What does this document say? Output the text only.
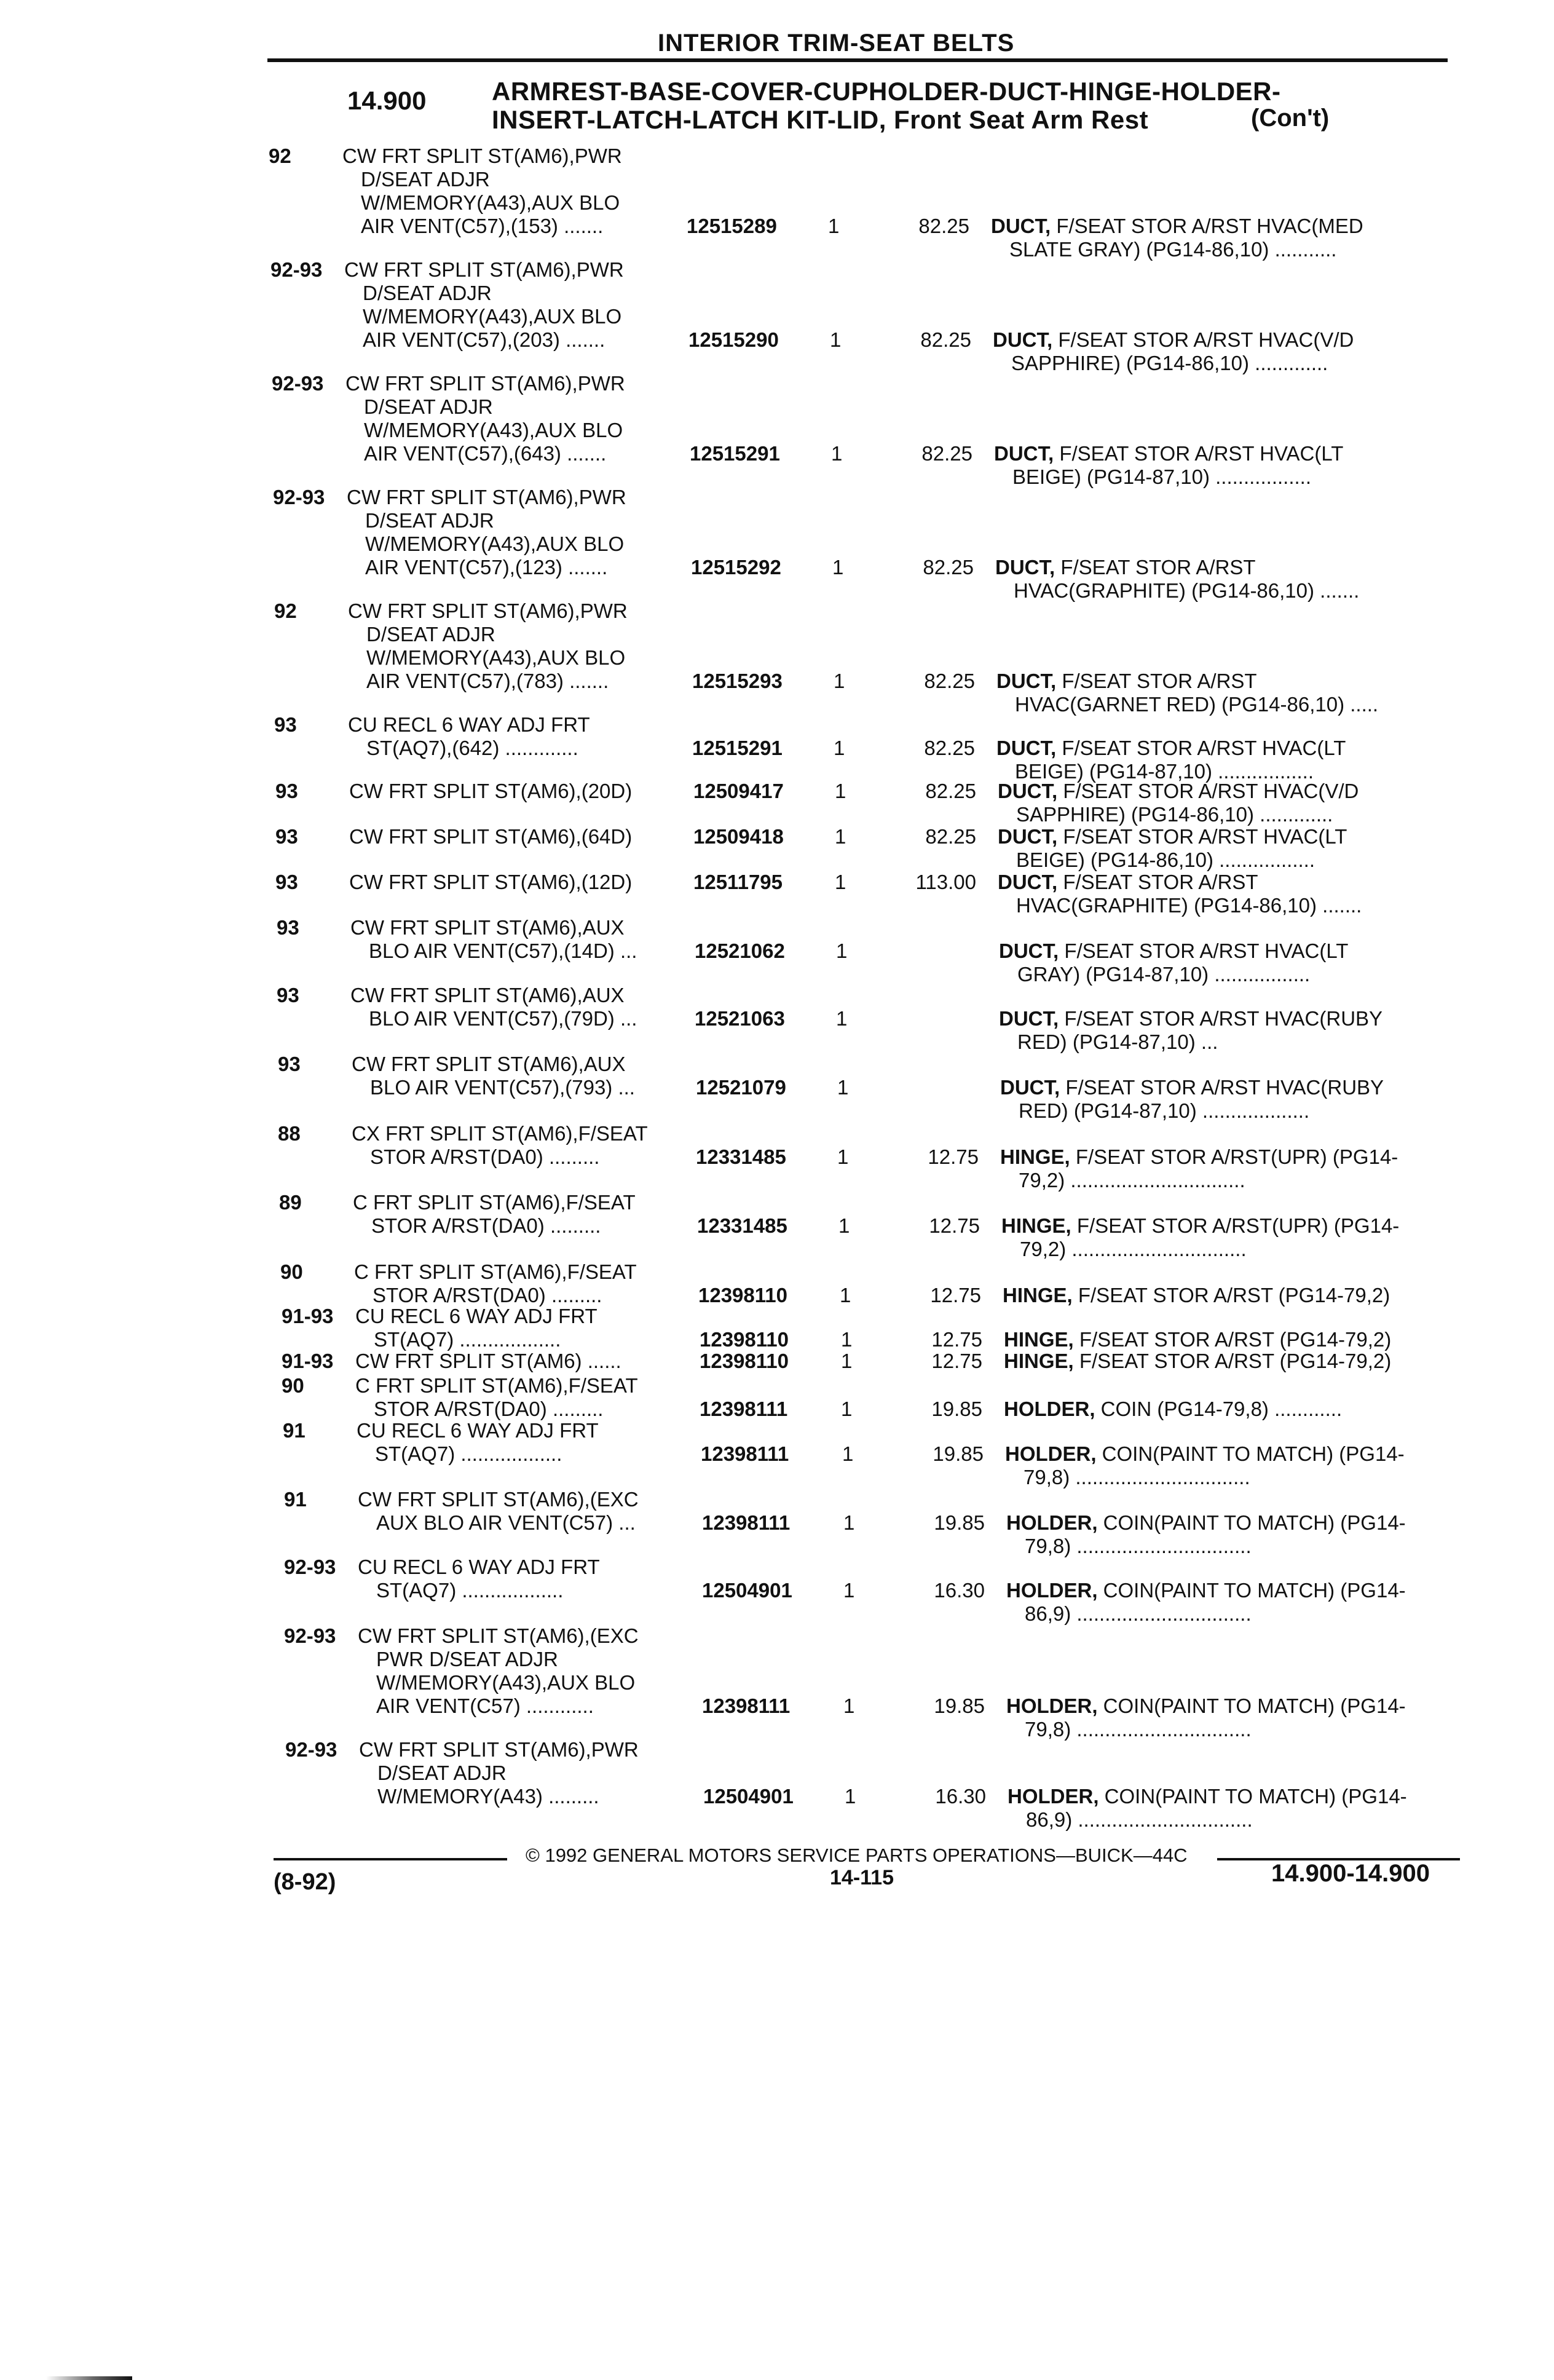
INTERIOR TRIM-SEAT BELTS
14.900	ARMREST-BASE-COVER-CUPHOLDER-DUCT-HINGE-HOLDER-
INSERT-LATCH-LATCH KIT-LID, Front Seat Arm Rest	(Con't)
92	CW FRT SPLIT ST(AM6),PWR
D/SEAT ADJR
W/MEMORY(A43),AUX BLO
AIR VENT(C57),(153) .......	12515289	1	82.25 DUCT, F/SEAT STOR A/RST HVAC(MED
SLATE GRAY) (PG14-86,10) ...........
92-93 CW FRT SPLIT ST(AM6),PWR
D/SEAT ADJR
W/MEMORY(A43),AUX BLO
AIR VENT(C57),(203) .......	12515290	1	82.25 DUCT, F/SEAT STOR A/RST HVAC(V/D
SAPPHIRE) (PG14-86,10) .............
92-93 CW FRT SPLIT ST(AM6),PWR
D/SEAT ADJR
W/MEMORY(A43),AUX BLO
AIR VENT(C57),(643) .......	12515291	1	82.25 DUCT, F/SEAT STOR A/RST HVAC(LT
BEIGE) (PG14-87,10) .................
92-93 CW FRT SPLIT ST(AM6),PWR
D/SEAT ADJR
W/MEMORY(A43),AUX BLO
AIR VENT(C57),(123) .......	12515292	1	82.25 DUCT, F/SEAT STOR A/RST
HVAC(GRAPHITE) (PG14-86,10) .......
92	CW FRT SPLIT ST(AM6),PWR
D/SEAT ADJR
W/MEMORY(A43),AUX BLO
AIR VENT(C57),(783) .......	12515293	1	82.25 DUCT, F/SEAT STOR A/RST
HVAC(GARNET RED) (PG14-86,10) .....
93	CU RECL 6 WAY ADJ FRT
ST(AQ7),(642) .............	12515291	1	82.25 DUCT, F/SEAT STOR A/RST HVAC(LT
BEIGE) (PG14-87,10) .................
93	CW FRT SPLIT ST(AM6),(20D)	12509417	1	82.25 DUCT, F/SEAT STOR A/RST HVAC(V/D
SAPPHIRE) (PG14-86,10) .............
93	CW FRT SPLIT ST(AM6),(64D)	12509418	1	82.25 DUCT, F/SEAT STOR A/RST HVAC(LT
BEIGE) (PG14-86,10) .................
93	CW FRT SPLIT ST(AM6),(12D)	12511795	1	113.00 DUCT, F/SEAT STOR A/RST
HVAC(GRAPHITE) (PG14-86,10) .......
93	CW FRT SPLIT ST(AM6),AUX
BLO AIR VENT(C57),(14D) ...	12521062	1	DUCT, F/SEAT STOR A/RST HVAC(LT
GRAY) (PG14-87,10) .................
93	CW FRT SPLIT ST(AM6),AUX
BLO AIR VENT(C57),(79D) ...	12521063	1	DUCT, F/SEAT STOR A/RST HVAC(RUBY
RED) (PG14-87,10) ...
93	CW FRT SPLIT ST(AM6),AUX
BLO AIR VENT(C57),(793) ...	12521079	1	DUCT, F/SEAT STOR A/RST HVAC(RUBY
RED) (PG14-87,10) ...................
88	CX FRT SPLIT ST(AM6),F/SEAT
STOR A/RST(DA0) .........	12331485	1	12.75 HINGE, F/SEAT STOR A/RST(UPR) (PG14-
79,2) ...............................
89	C FRT SPLIT ST(AM6),F/SEAT
STOR A/RST(DA0) .........	12331485	1	12.75 HINGE, F/SEAT STOR A/RST(UPR) (PG14-
79,2) ...............................
90	C FRT SPLIT ST(AM6),F/SEAT
STOR A/RST(DA0) .........	12398110	1	12.75 HINGE, F/SEAT STOR A/RST (PG14-79,2)
91-93 CU RECL 6 WAY ADJ FRT
ST(AQ7) ..................	12398110	1	12.75 HINGE, F/SEAT STOR A/RST (PG14-79,2)
91-93 CW FRT SPLIT ST(AM6) ......	12398110	1	12.75 HINGE, F/SEAT STOR A/RST (PG14-79,2)
90	C FRT SPLIT ST(AM6),F/SEAT
STOR A/RST(DA0) .........	12398111	1	19.85 HOLDER, COIN (PG14-79,8) ............
91	CU RECL 6 WAY ADJ FRT
ST(AQ7) ..................	12398111	1	19.85 HOLDER, COIN(PAINT TO MATCH) (PG14-
79,8) ...............................
91	CW FRT SPLIT ST(AM6),(EXC
AUX BLO AIR VENT(C57) ...	12398111	1	19.85 HOLDER, COIN(PAINT TO MATCH) (PG14-
79,8) ...............................
92-93 CU RECL 6 WAY ADJ FRT
ST(AQ7) ..................	12504901	1	16.30 HOLDER, COIN(PAINT TO MATCH) (PG14-
86,9) ...............................
92-93 CW FRT SPLIT ST(AM6),(EXC
PWR D/SEAT ADJR
W/MEMORY(A43),AUX BLO
AIR VENT(C57) ............	12398111	1	19.85 HOLDER, COIN(PAINT TO MATCH) (PG14-
79,8) ...............................
92-93 CW FRT SPLIT ST(AM6),PWR
D/SEAT ADJR
W/MEMORY(A43) .........	12504901	1	16.30 HOLDER, COIN(PAINT TO MATCH) (PG14-
86,9) ...............................
© 1992 GENERAL MOTORS SERVICE PARTS OPERATIONS—BUICK—44C
(8-92)	14-115	14.900-14.900
